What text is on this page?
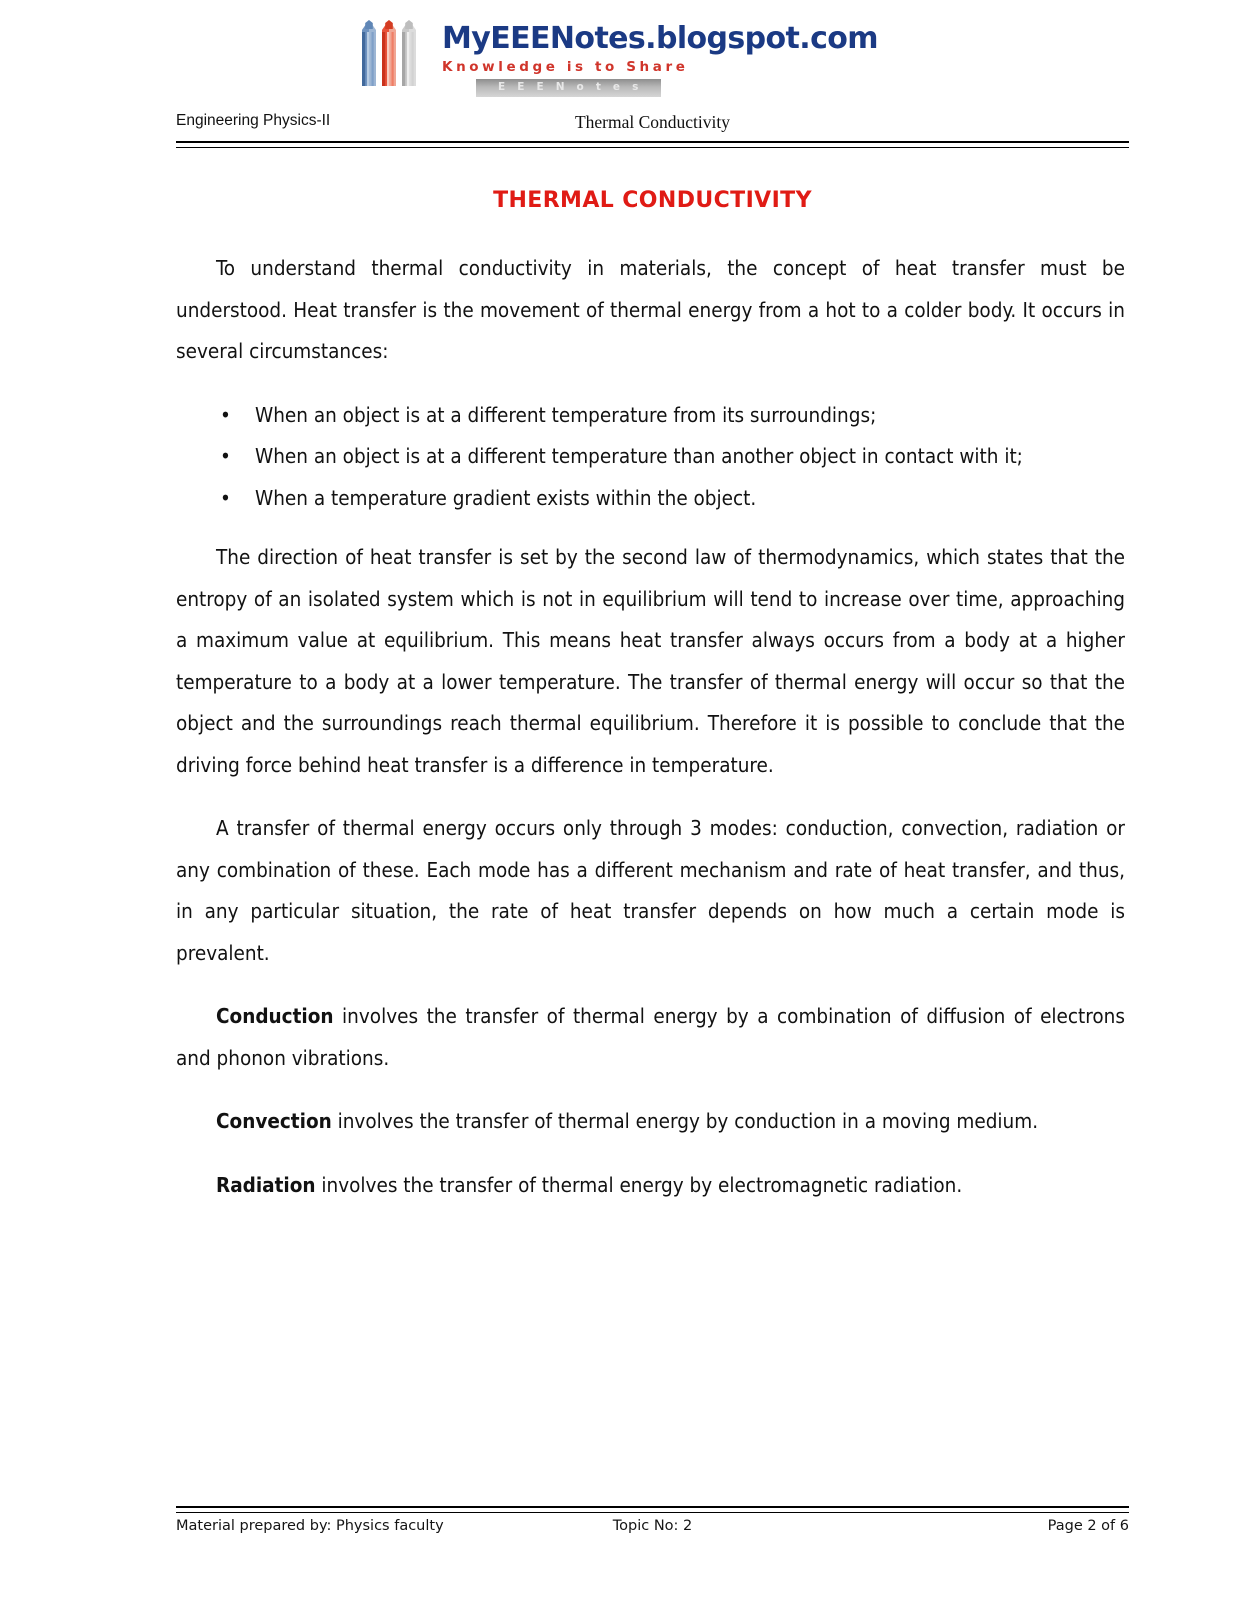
MyEEENotes.blogspot.com
Knowledge is to Share
E E E N o t e s
Engineering Physics-II	Thermal Conductivity
THERMAL CONDUCTIVITY

To understand thermal conductivity in materials, the concept of heat transfer must be understood. Heat transfer is the movement of thermal energy from a hot to a colder body. It occurs in several circumstances:

• When an object is at a different temperature from its surroundings;
• When an object is at a different temperature than another object in contact with it;
• When a temperature gradient exists within the object.

The direction of heat transfer is set by the second law of thermodynamics, which states that the entropy of an isolated system which is not in equilibrium will tend to increase over time, approaching a maximum value at equilibrium. This means heat transfer always occurs from a body at a higher temperature to a body at a lower temperature. The transfer of thermal energy will occur so that the object and the surroundings reach thermal equilibrium. Therefore it is possible to conclude that the driving force behind heat transfer is a difference in temperature.

A transfer of thermal energy occurs only through 3 modes: conduction, convection, radiation or any combination of these. Each mode has a different mechanism and rate of heat transfer, and thus, in any particular situation, the rate of heat transfer depends on how much a certain mode is prevalent.

Conduction involves the transfer of thermal energy by a combination of diffusion of electrons and phonon vibrations.

Convection involves the transfer of thermal energy by conduction in a moving medium.

Radiation involves the transfer of thermal energy by electromagnetic radiation.

Material prepared by: Physics faculty	Topic No: 2	Page 2 of 6
